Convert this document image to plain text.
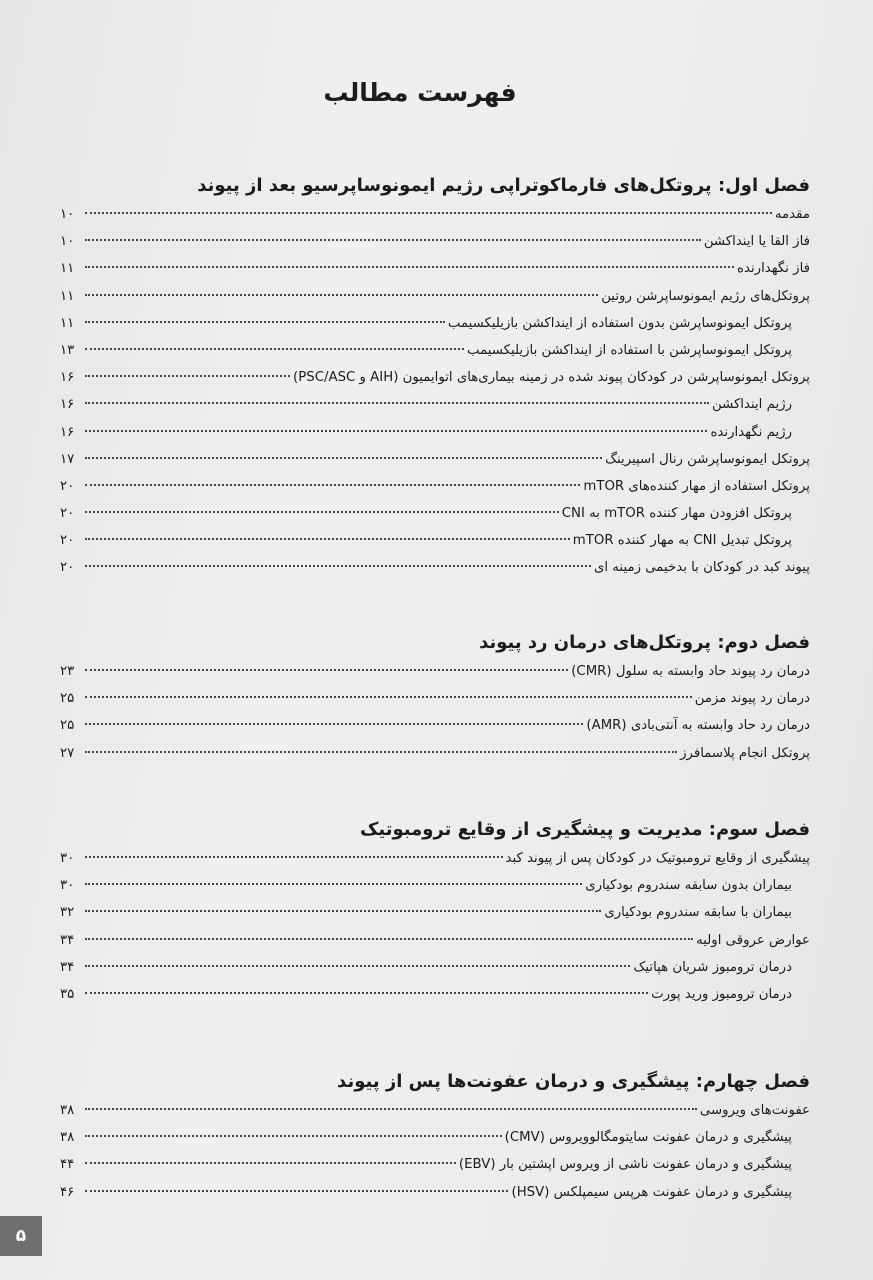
فهرست مطالب
فصل اول: پروتکل‌های فارماکوتراپی رژیم ایمونوساپرسیو بعد از پیوند
مقدمه
۱۰
فاز القا یا اینداکشن
۱۰
فاز نگهدارنده
۱۱
پروتکل‌های رژیم ایمونوساپرشن روتین
۱۱
پروتکل ایمونوساپرشن بدون استفاده از اینداکشن بازیلیکسیمب
۱۱
پروتکل ایمونوساپرشن با استفاده از اینداکشن بازیلیکسیمب
۱۳
پروتکل ایمونوساپرشن در کودکان پیوند شده در زمینه بیماری‌های اتوایمیون (AIH و PSC/ASC)
۱۶
رژیم اینداکشن
۱۶
رژیم نگهدارنده
۱۶
پروتکل ایمونوساپرشن رنال اسپیرینگ
۱۷
پروتکل استفاده از مهار کننده‌های mTOR
۲۰
پروتکل افزودن مهار کننده mTOR به CNI
۲۰
پروتکل تبدیل CNI به مهار کننده mTOR
۲۰
پیوند کبد در کودکان با بدخیمی زمینه ای
۲۰
فصل دوم: پروتکل‌های درمان رد پیوند
درمان رد پیوند حاد وابسته به سلول (CMR)
۲۳
درمان رد پیوند مزمن
۲۵
درمان رد حاد وابسته به آنتی‌بادی (AMR)
۲۵
پروتکل انجام پلاسمافرز
۲۷
فصل سوم: مدیریت و پیشگیری از وقایع ترومبوتیک
پیشگیری از وقایع ترومبوتیک در کودکان پس از پیوند کبد
۳۰
بیماران بدون سابقه سندروم بودکیاری
۳۰
بیماران با سابقه سندروم بودکیاری
۳۲
عوارض عروقی اولیه
۳۴
درمان ترومبوز شریان هپاتیک
۳۴
درمان ترومبوز ورید پورت
۳۵
فصل چهارم: پیشگیری و درمان عفونت‌ها پس از پیوند
عفونت‌های ویروسی
۳۸
پیشگیری و درمان عفونت سایتومگالوویروس (CMV)
۳۸
پیشگیری و درمان عفونت ناشی از ویروس اپشتین بار (EBV)
۴۴
پیشگیری و درمان عفونت هرپس سیمپلکس (HSV)
۴۶
۵
